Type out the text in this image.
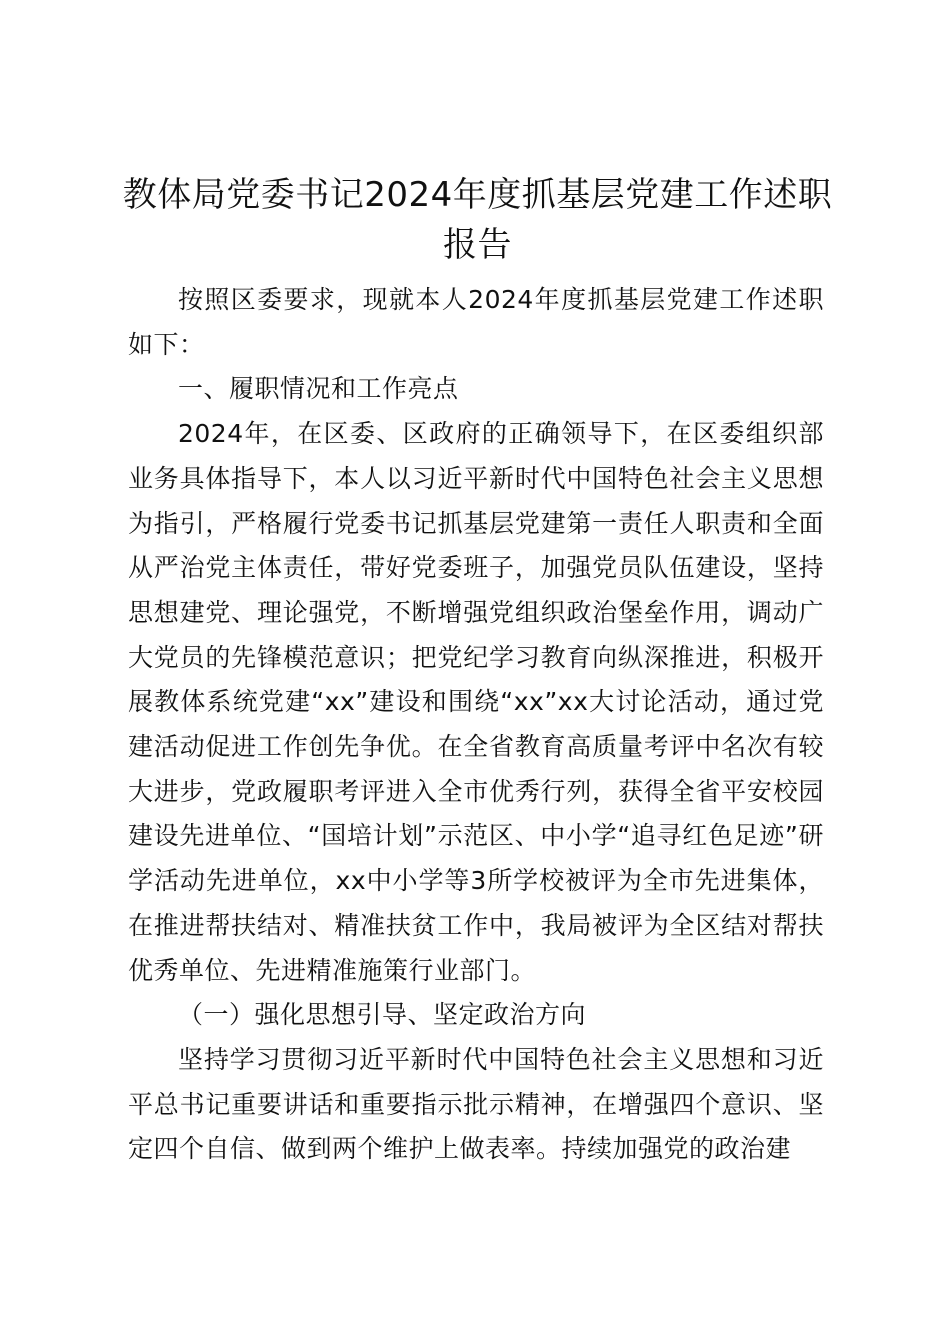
教体局党委书记2024年度抓基层党建工作述职报告

按照区委要求，现就本人2024年度抓基层党建工作述职如下：

一、履职情况和工作亮点

2024年，在区委、区政府的正确领导下，在区委组织部业务具体指导下，本人以习近平新时代中国特色社会主义思想为指引，严格履行党委书记抓基层党建第一责任人职责和全面从严治党主体责任，带好党委班子，加强党员队伍建设，坚持思想建党、理论强党，不断增强党组织政治堡垒作用，调动广大党员的先锋模范意识；把党纪学习教育向纵深推进，积极开展教体系统党建“xx”建设和围绕“xx”xx大讨论活动，通过党建活动促进工作创先争优。在全省教育高质量考评中名次有较大进步，党政履职考评进入全市优秀行列，获得全省平安校园建设先进单位、“国培计划”示范区、中小学“追寻红色足迹”研学活动先进单位，xx中小学等3所学校被评为全市先进集体，在推进帮扶结对、精准扶贫工作中，我局被评为全区结对帮扶优秀单位、先进精准施策行业部门。

（一）强化思想引导、坚定政治方向

坚持学习贯彻习近平新时代中国特色社会主义思想和习近平总书记重要讲话和重要指示批示精神，在增强四个意识、坚定四个自信、做到两个维护上做表率。持续加强党的政治建
